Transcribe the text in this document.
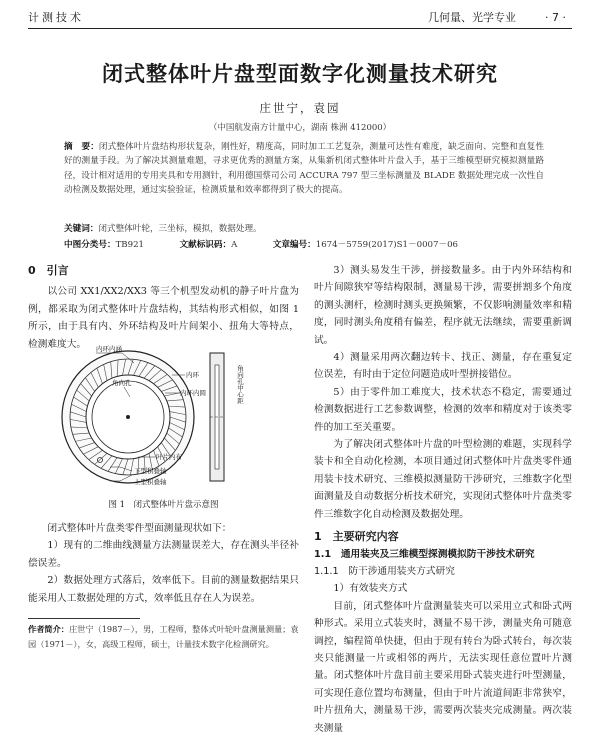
计测技术	几何量、光学专业	· 7 ·
闭式整体叶片盘型面数字化测量技术研究
庄世宁，袁园
（中国航发南方计量中心，湖南 株洲 412000）
摘　要：闭式整体叶片盘结构形状复杂，刚性好，精度高，同时加工工艺复杂，测量可达性有难度，缺乏面向、完整和直复性好的测量手段。为了解决其测量难题，寻求更优秀的测量方案，从集新机闭式整体叶片盘入手，基于三维模型研究模拟测量路径，设计相对适用的专用夹具和专用测针，利用德国蔡司公司 ACCURA 797 型三坐标测量及 BLADE 数据处理完成一次性自动检测及数据处理，通过实验验证，检测质量和效率都得到了极大的提高。
关键词：闭式整体叶轮，三坐标，模拟，数据处理。
中图分类号：TB921	文献标识码：A	文章编号：1674－5759(2017)S1－0007－06

0　引言

以公司 XX1/XX2/XX3 等三个机型发动机的静子叶片盘为例，都采取为闭式整体叶片盘结构，其结构形式相似，如图 1 所示，由于具有内、外环结构及叶片间架小、扭角大等特点，检测难度大。	内环内涵
内环
内环内圆
角向孔
叶片内布
下型积叠轴
上型积叠轴
角向孔中心距
图 1　闭式整体叶片盘示意图

闭式整体叶片盘类零件型面测量现状如下：

1）现有的二维曲线测量方法测量误差大，存在测头半径补偿误差。

2）数据处理方式落后，效率低下。目前的测量数据结果只能采用人工数据处理的方式，效率低且存在人为误差。

作者简介：庄世宁（1987－），男，工程师，整体式叶轮叶盘测量测量；袁园（1971－），女，高级工程师，硕士，计量技术数字化检测研究。

3）测头易发生干涉，拼接数量多。由于内外环结构和叶片间隙狭窄等结构限制，测量易干涉，需要拼割多个角度的测头测杆，检测时测头更换频繁，不仅影响测量效率和精度，同时测头角度稍有偏差，程序就无法继续，需要重新调试。

4）测量采用两次翻边转卡、找正、测量，存在重复定位误差，有时由于定位问题造成叶型拼接错位。

5）由于零件加工难度大，技术状态不稳定，需要通过检测数据进行工艺参数调整，检测的效率和精度对于该类零件的加工至关重要。

为了解决闭式整体叶片盘的叶型检测的难题，实现科学装卡和全自动化检测，本项目通过闭式整体叶片盘类零件通用装卡技术研究、三维模拟测量防干涉研究，三维数字化型面测量及自动数据分析技术研究，实现闭式整体叶片盘类零件三维数字化自动检测及数据处理。

1　主要研究内容

1.1　通用装夹及三维模型探测模拟防干涉技术研究

1.1.1　防干涉通用装夹方式研究

1）有效装夹方式

目前，闭式整体叶片盘测量装夹可以采用立式和卧式两种形式。采用立式装夹时，测量不易干涉，测量夹角可随意调控，编程简单快捷，但由于现有转台为卧式转台，每次装夹只能测量一片或相邻的两片，无法实现任意位置叶片测量。闭式整体叶片盘目前主要采用卧式装夹进行叶型测量，可实现任意位置均布测量，但由于叶片流道间距非常狭窄，叶片扭角大，测量易干涉，需要两次装夹完成测量。两次装夹测量
